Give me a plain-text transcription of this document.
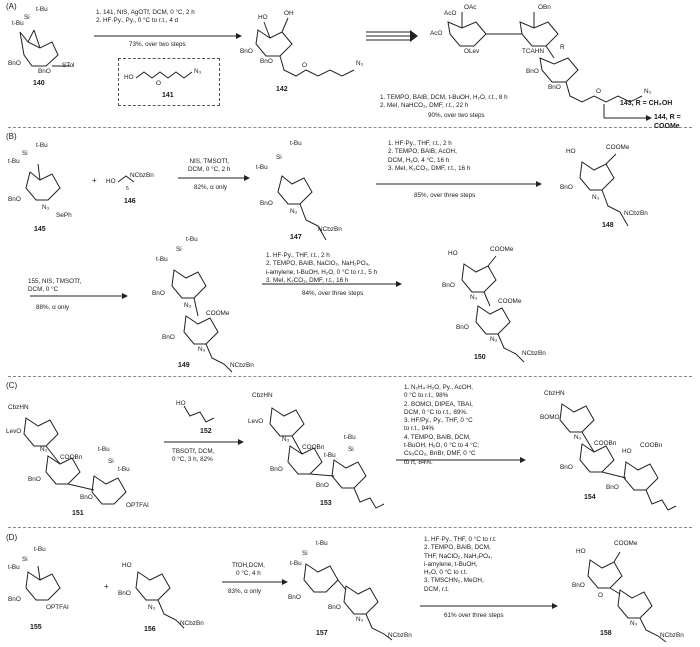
(A)
(B)
(C)
(D)
t-Bu
Si
t-Bu
BnO
BnO
STol
140
1. 141, NIS, AgOTf, DCM, 0 °C, 2 h
2. HF·Py., Py., 0 °C to r.t., 4 d
73%, over two steps
HO
O
N₃
141
HO
OH
BnO
BnO
O	N₃
142
AcO
OAc
AcO
OLev
OBn
TCAHN
R
BnO
BnO
O	N₃
1. TEMPO, BAIB, DCM, t-BuOH, H₂O, r.t., 8 h
2. MeI, NaHCO₃, DMF, r.t., 22 h
90%, over two steps
143, R = CH₂OH
144, R = COOMe
t-Bu
Si
t-Bu
BnO
N₃
SePh
145
+ HO
NCbzBn
5
146
NIS, TMSOTf,
DCM, 0 °C, 2 h
82%, α only
t-Bu
Si
t-Bu
BnO
N₃
NCbzBn
147
1. HF·Py., THF, r.t., 2 h
2. TEMPO, BAIB, AcOH,
DCM, H₂O, 4 °C, 16 h
3. MeI, K₂CO₃, DMF, r.t., 16 h
85%, over three steps
HO
COOMe
BnO
N₃
NCbzBn
148
155, NIS, TMSOTf,
DCM, 0 °C
88%, α only
t-Bu
Si
t-Bu
BnO
N₃
COOMe
BnO
N₃
NCbzBn
149
1. HF·Py., THF, r.t., 2 h
2. TEMPO, BAIB, NaClO₂, NaH₂PO₄,
i-amylene, t-BuOH, H₂O, 0 °C to r.t., 5 h
3. MeI, K₂CO₃, DMF, r.t., 16 h
84%, over three steps
HO
COOMe
BnO
N₃
COOMe
BnO
N₃
NCbzBn
150
CbzHN
LevO
N₃
COOBn
t-Bu
Si
t-Bu
BnO
BnO
OPTFAI
151
HO
152
TBSOTf, DCM,
0 °C, 3 h, 82%
CbzHN
LevO
N₃
COOBn
t-Bu
Si
t-Bu
BnO
BnO
153
1. N₂H₄·H₂O, Py., AcOH,
0 °C to r.t., 98%
2. BOMCl, DIPEA, TBAI,
DCM, 0 °C to r.t., 89%.
3. HF/Py., Py., THF, 0 °C
to r.t., 94%
4. TEMPO, BAIB, DCM,
t-BuOH, H₂O, 0 °C to 4 °C;
Cs₂CO₃, BnBr, DMF, 0 °C
to rt, 84%.
CbzHN
BOMO
N₃
COOBn
HO
COOBn
BnO
BnO
154
t-Bu
Si
t-Bu
BnO
OPTFAI
155
+
HO
BnO
N₃
NCbzBn
156
TfOH,DCM,
0 °C, 4 h
83%, α only
t-Bu
Si
t-Bu
BnO
BnO
N₃
NCbzBn
157
1. HF·Py., THF, 0 °C to r.t.
2. TEMPO, BAIB, DCM,
THF, NaClO₂, NaH₂PO₄,
i-amylene, t-BuOH,
H₂O, 0 °C to r.t.
3. TMSCHN₂, MeOH,
DCM, r.t.
61% over three steps
HO
COOMe
BnO
O
N₃
NCbzBn
158
